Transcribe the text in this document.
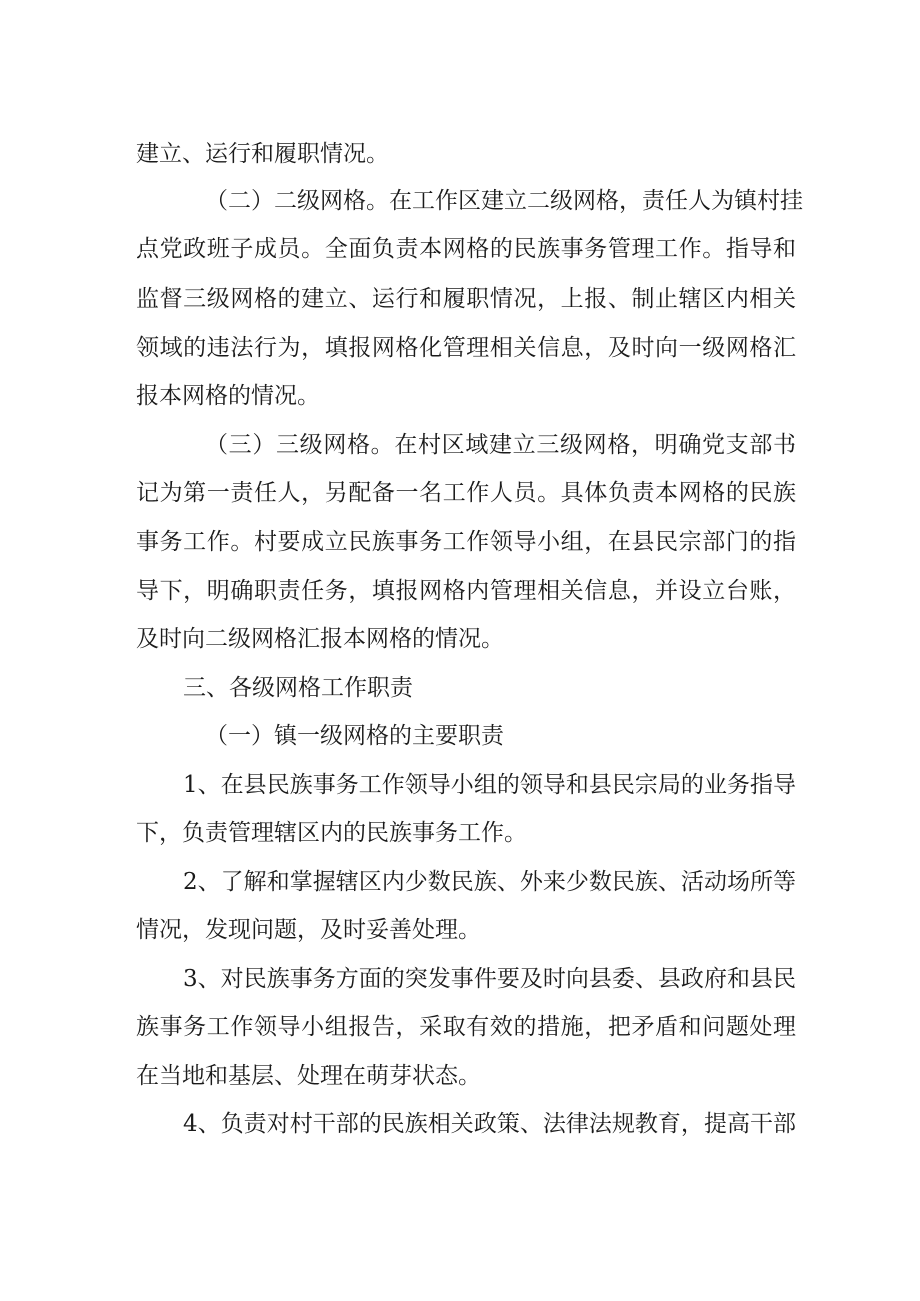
建立、运行和履职情况。
（二）二级网格。在工作区建立二级网格，责任人为镇村挂
点党政班子成员。全面负责本网格的民族事务管理工作。指导和
监督三级网格的建立、运行和履职情况，上报、制止辖区内相关
领域的违法行为，填报网格化管理相关信息，及时向一级网格汇
报本网格的情况。
（三）三级网格。在村区域建立三级网格，明确党支部书
记为第一责任人，另配备一名工作人员。具体负责本网格的民族
事务工作。村要成立民族事务工作领导小组，在县民宗部门的指
导下，明确职责任务，填报网格内管理相关信息，并设立台账，
及时向二级网格汇报本网格的情况。
三、各级网格工作职责
（一）镇一级网格的主要职责
1、在县民族事务工作领导小组的领导和县民宗局的业务指导
下，负责管理辖区内的民族事务工作。
2、了解和掌握辖区内少数民族、外来少数民族、活动场所等
情况，发现问题，及时妥善处理。
3、对民族事务方面的突发事件要及时向县委、县政府和县民
族事务工作领导小组报告，采取有效的措施，把矛盾和问题处理
在当地和基层、处理在萌芽状态。
4、负责对村干部的民族相关政策、法律法规教育，提高干部
